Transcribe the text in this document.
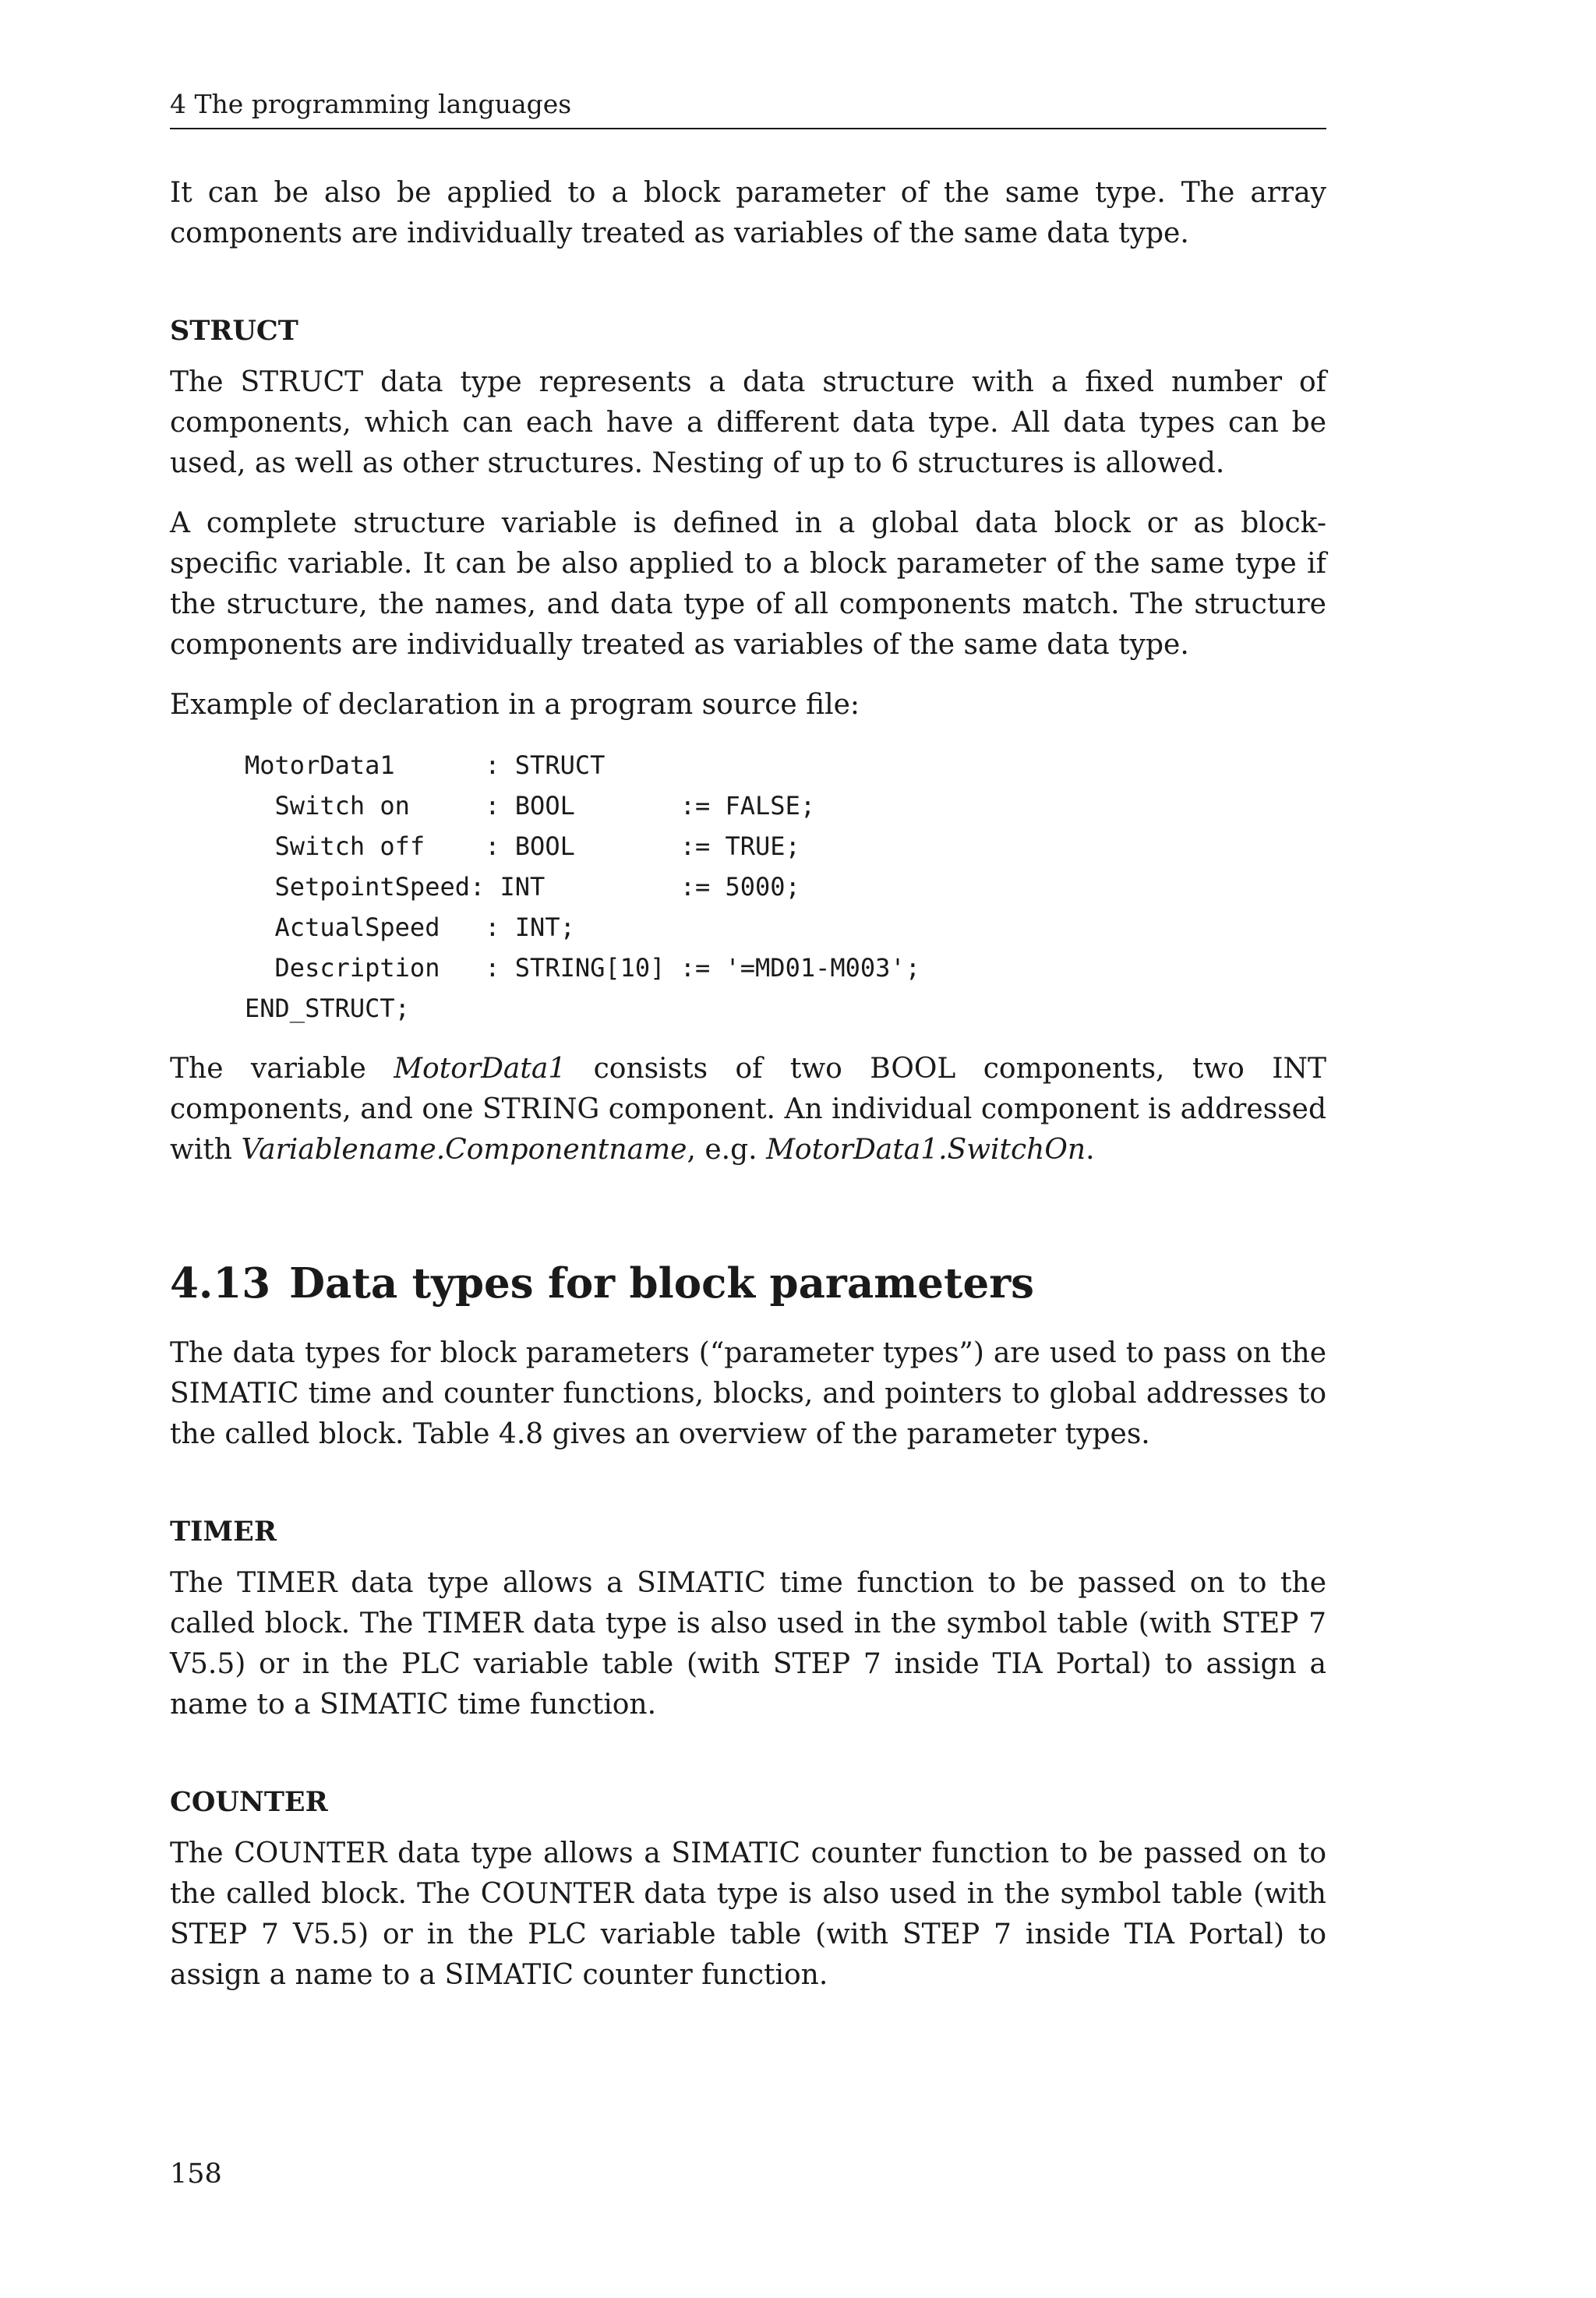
4 The programming languages

It can be also be applied to a block parameter of the same type. The array components are individually treated as variables of the same data type.

STRUCT

The STRUCT data type represents a data structure with a fixed number of components, which can each have a different data type. All data types can be used, as well as other structures. Nesting of up to 6 structures is allowed.

A complete structure variable is defined in a global data block or as block-specific variable. It can be also applied to a block parameter of the same type if the structure, the names, and data type of all components match. The structure components are individually treated as variables of the same data type.

Example of declaration in a program source file:

MotorData1      : STRUCT
Switch on     : BOOL       := FALSE;
Switch off    : BOOL       := TRUE;
SetpointSpeed: INT         := 5000;
ActualSpeed   : INT;
Description   : STRING[10] := '=MD01-M003';
END_STRUCT;

The variable MotorData1 consists of two BOOL components, two INT components, and one STRING component. An individual component is addressed with Variablename.Componentname, e.g. MotorData1.SwitchOn.

4.13 Data types for block parameters

The data types for block parameters (“parameter types”) are used to pass on the SIMATIC time and counter functions, blocks, and pointers to global addresses to the called block. Table 4.8 gives an overview of the parameter types.

TIMER

The TIMER data type allows a SIMATIC time function to be passed on to the called block. The TIMER data type is also used in the symbol table (with STEP 7 V5.5) or in the PLC variable table (with STEP 7 inside TIA Portal) to assign a name to a SIMATIC time function.

COUNTER

The COUNTER data type allows a SIMATIC counter function to be passed on to the called block. The COUNTER data type is also used in the symbol table (with STEP 7 V5.5) or in the PLC variable table (with STEP 7 inside TIA Portal) to assign a name to a SIMATIC counter function.

158
